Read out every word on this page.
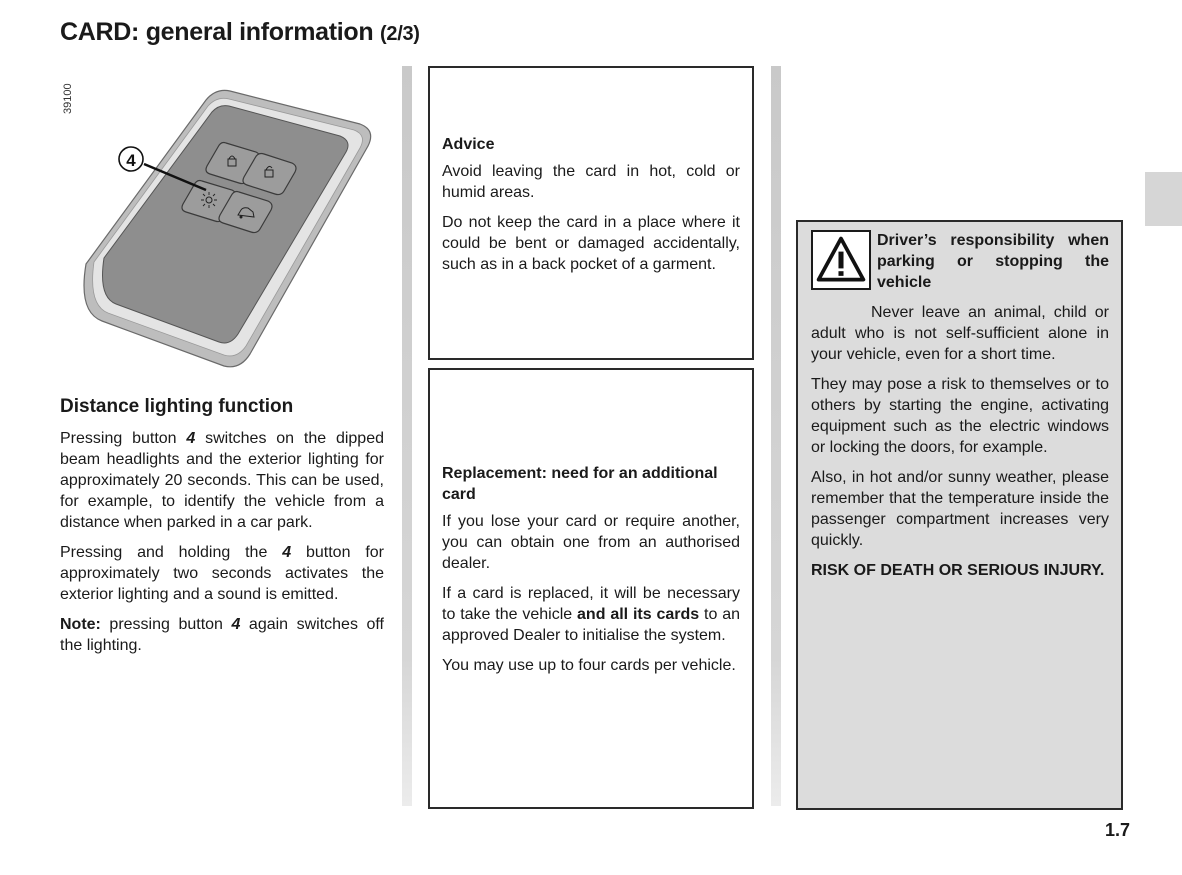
CARD: general information (2/3)
39100
4
Distance lighting function

Pressing button 4 switches on the dipped beam headlights and the exterior lighting for approximately 20 seconds. This can be used, for example, to identify the vehicle from a distance when parked in a car park.

Pressing and holding the 4 button for approximately two seconds activates the exterior lighting and a sound is emitted.

Note: pressing button 4 again switches off the lighting.

Advice

Avoid leaving the card in hot, cold or humid areas.

Do not keep the card in a place where it could be bent or damaged accidentally, such as in a back pocket of a garment.

Replacement: need for an additional card

If you lose your card or require another, you can obtain one from an authorised dealer.

If a card is replaced, it will be necessary to take the vehicle and all its cards to an approved Dealer to initialise the system.

You may use up to four cards per vehicle.

Driver’s responsibility when parking or stopping the vehicle

Never leave an animal, child or adult who is not self-sufficient alone in your vehicle, even for a short time.

They may pose a risk to themselves or to others by starting the engine, activating equipment such as the electric windows or locking the doors, for example.

Also, in hot and/or sunny weather, please remember that the temperature inside the passenger compartment increases very quickly.

RISK OF DEATH OR SERIOUS INJURY.

1.7
